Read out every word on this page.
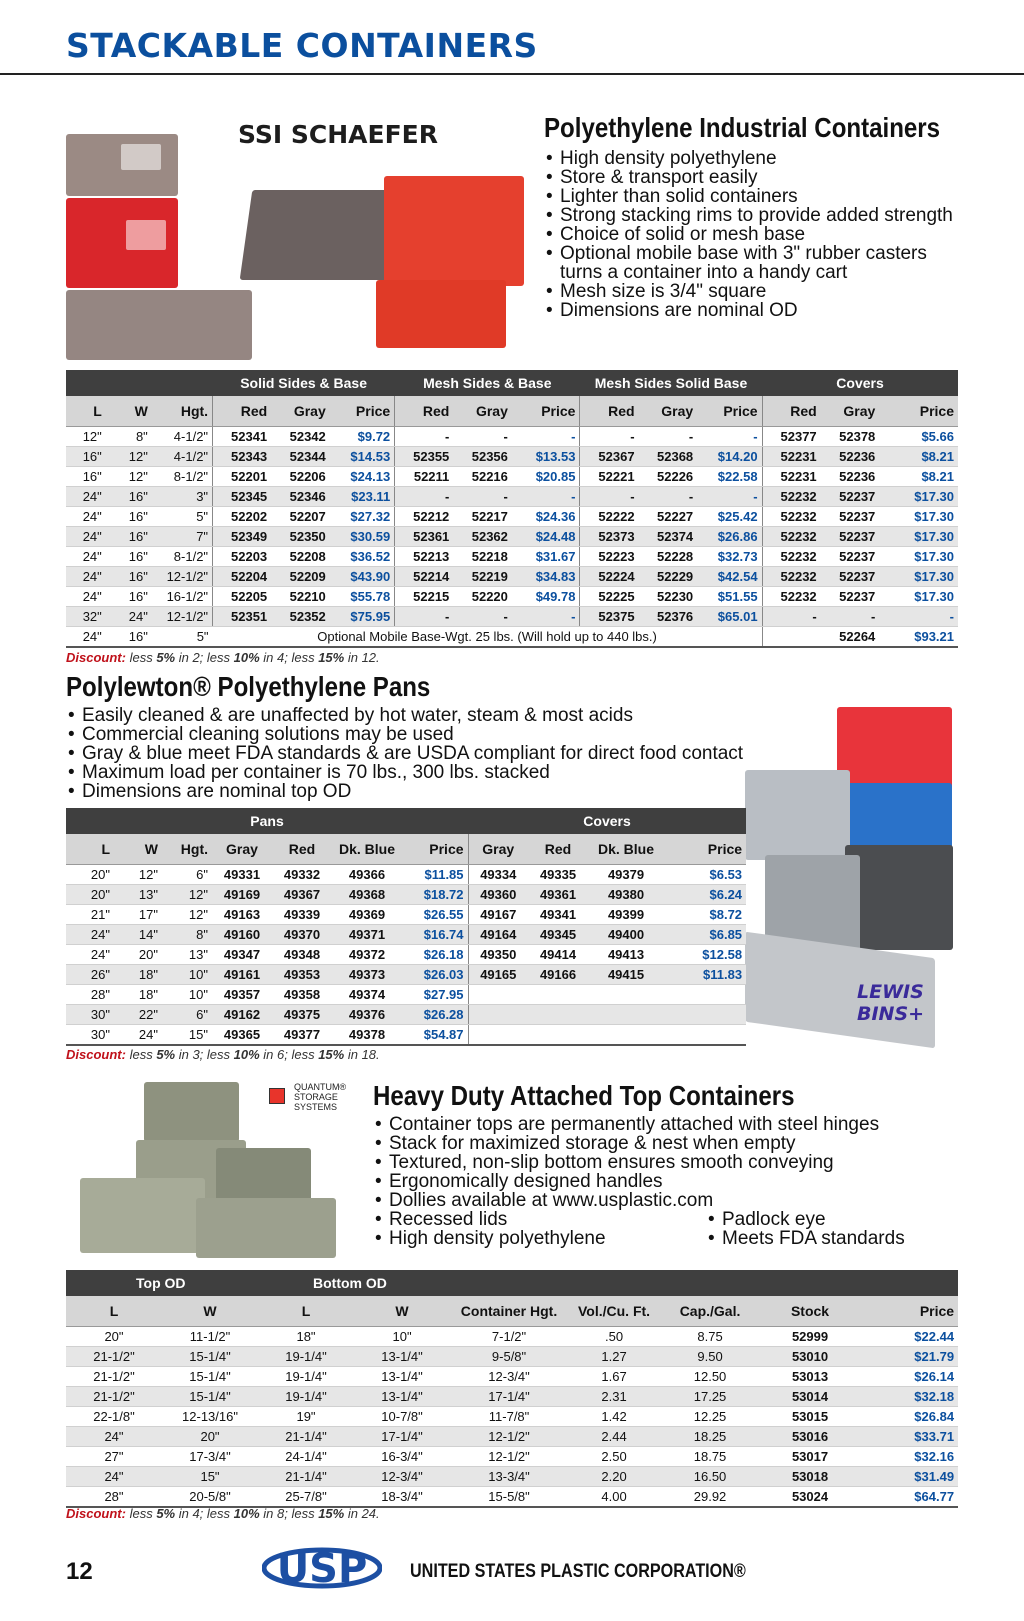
STACKABLE CONTAINERS
SSI SCHAEFER	Polyethylene Industrial Containers
• High density polyethylene
• Store & transport easily
• Lighter than solid containers
• Strong stacking rims to provide added strength
• Choice of solid or mesh base
• Optional mobile base with 3" rubber casters turns a container into a handy cart
• Mesh size is 3/4" square
• Dimensions are nominal OD
			Solid Sides & Base			Mesh Sides & Base			Mesh Sides Solid Base			Covers		
L	W	Hgt.	Red	Gray	Price	Red	Gray	Price	Red	Gray	Price	Red	Gray	Price
12"	8"	4-1/2"	52341	52342	$9.72	-	-	-	-	-	-	52377	52378	$5.66
16"	12"	4-1/2"	52343	52344	$14.53	52355	52356	$13.53	52367	52368	$14.20	52231	52236	$8.21
16"	12"	8-1/2"	52201	52206	$24.13	52211	52216	$20.85	52221	52226	$22.58	52231	52236	$8.21
24"	16"	3"	52345	52346	$23.11	-	-	-	-	-	-	52232	52237	$17.30
24"	16"	5"	52202	52207	$27.32	52212	52217	$24.36	52222	52227	$25.42	52232	52237	$17.30
24"	16"	7"	52349	52350	$30.59	52361	52362	$24.48	52373	52374	$26.86	52232	52237	$17.30
24"	16"	8-1/2"	52203	52208	$36.52	52213	52218	$31.67	52223	52228	$32.73	52232	52237	$17.30
24"	16"	12-1/2"	52204	52209	$43.90	52214	52219	$34.83	52224	52229	$42.54	52232	52237	$17.30
24"	16"	16-1/2"	52205	52210	$55.78	52215	52220	$49.78	52225	52230	$51.55	52232	52237	$17.30
32"	24"	12-1/2"	52351	52352	$75.95	-	-	-	52375	52376	$65.01	-	-	-
24"	16"	5"	Optional Mobile Base-Wgt. 25 lbs. (Will hold up to 440 lbs.)									52264		$93.21
Discount: less 5% in 2; less 10% in 4; less 15% in 12.
Polylewton® Polyethylene Pans
• Easily cleaned & are unaffected by hot water, steam & most acids
• Commercial cleaning solutions may be used
• Gray & blue meet FDA standards & are USDA compliant for direct food contact
• Maximum load per container is 70 lbs., 300 lbs. stacked
• Dimensions are nominal top OD
LEWIS BINS+
Pans							Covers			
L	W	Hgt.	Gray	Red	Dk. Blue	Price	Gray	Red	Dk. Blue	Price
20"	12"	6"	49331	49332	49366	$11.85	49334	49335	49379	$6.53
20"	13"	12"	49169	49367	49368	$18.72	49360	49361	49380	$6.24
21"	17"	12"	49163	49339	49369	$26.55	49167	49341	49399	$8.72
24"	14"	8"	49160	49370	49371	$16.74	49164	49345	49400	$6.85
24"	20"	13"	49347	49348	49372	$26.18	49350	49414	49413	$12.58
26"	18"	10"	49161	49353	49373	$26.03	49165	49166	49415	$11.83
28"	18"	10"	49357	49358	49374	$27.95				
30"	22"	6"	49162	49375	49376	$26.28				
30"	24"	15"	49365	49377	49378	$54.87				
Discount: less 5% in 3; less 10% in 6; less 15% in 18.
QUANTUM®
STORAGE
SYSTEMS	Heavy Duty Attached Top Containers
• Container tops are permanently attached with steel hinges
• Stack for maximized storage & nest when empty
• Textured, non-slip bottom ensures smooth conveying
• Ergonomically designed handles
• Dollies available at www.usplastic.com
• Recessed lids
• High density polyethylene
• Padlock eye
• Meets FDA standards
Top OD		Bottom OD						
L	W	L	W	Container Hgt.	Vol./Cu. Ft.	Cap./Gal.	Stock	Price
20"	11-1/2"	18"	10"	7-1/2"	.50	8.75	52999	$22.44
21-1/2"	15-1/4"	19-1/4"	13-1/4"	9-5/8"	1.27	9.50	53010	$21.79
21-1/2"	15-1/4"	19-1/4"	13-1/4"	12-3/4"	1.67	12.50	53013	$26.14
21-1/2"	15-1/4"	19-1/4"	13-1/4"	17-1/4"	2.31	17.25	53014	$32.18
22-1/8"	12-13/16"	19"	10-7/8"	11-7/8"	1.42	12.25	53015	$26.84
24"	20"	21-1/4"	17-1/4"	12-1/2"	2.44	18.25	53016	$33.71
27"	17-3/4"	24-1/4"	16-3/4"	12-1/2"	2.50	18.75	53017	$32.16
24"	15"	21-1/4"	12-3/4"	13-3/4"	2.20	16.50	53018	$31.49
28"	20-5/8"	25-7/8"	18-3/4"	15-5/8"	4.00	29.92	53024	$64.77
Discount: less 5% in 4; less 10% in 8; less 15% in 24.
12	USP UNITED STATES PLASTIC CORPORATION®
